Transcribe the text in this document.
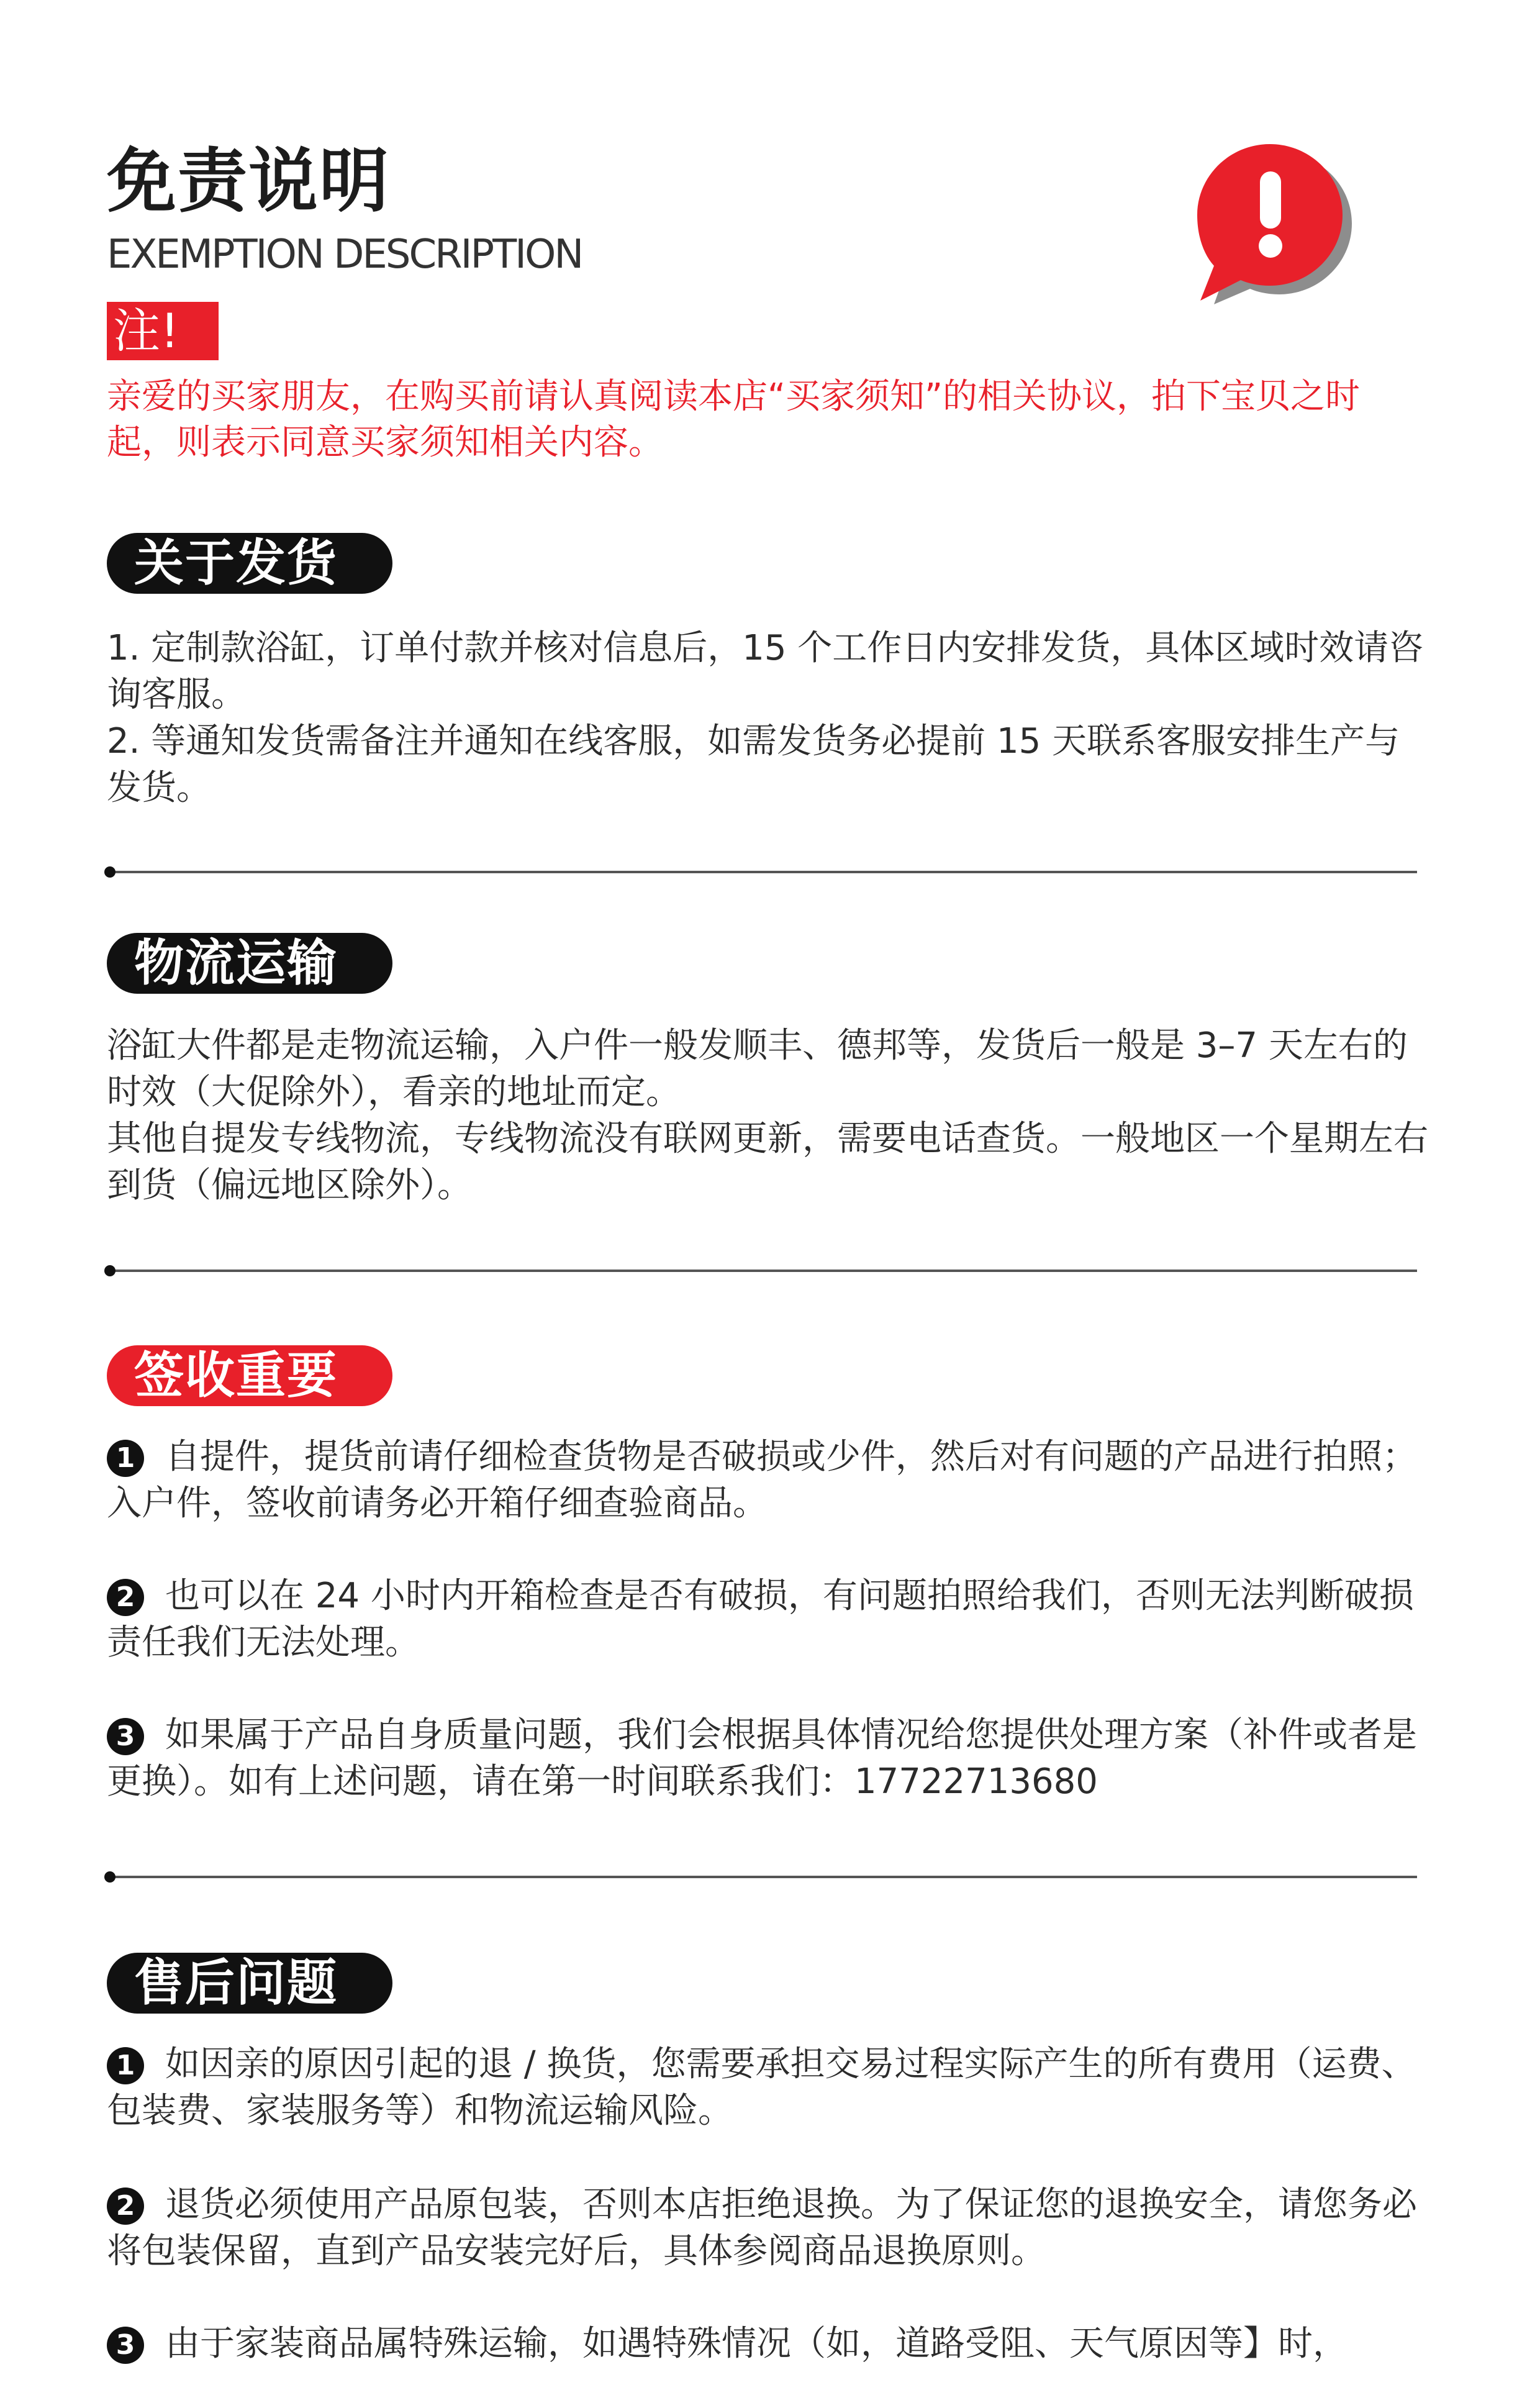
免责说明
EXEMPTION DESCRIPTION
注!
亲爱的买家朋友，在购买前请认真阅读本店“买家须知”的相关协议，拍下宝贝之时起，则表示同意买家须知相关内容。
关于发货
1. 定制款浴缸，订单付款并核对信息后，15 个工作日内安排发货，具体区域时效请咨询客服。
2. 等通知发货需备注并通知在线客服，如需发货务必提前 15 天联系客服安排生产与发货。
物流运输
浴缸大件都是走物流运输，入户件一般发顺丰、德邦等，发货后一般是 3–7 天左右的时效（大促除外），看亲的地址而定。
其他自提发专线物流，专线物流没有联网更新，需要电话查货。一般地区一个星期左右到货（偏远地区除外）。
签收重要
1 自提件，提货前请仔细检查货物是否破损或少件，然后对有问题的产品进行拍照；入户件，签收前请务必开箱仔细查验商品。
2 也可以在 24 小时内开箱检查是否有破损，有问题拍照给我们，否则无法判断破损责任我们无法处理。
3 如果属于产品自身质量问题，我们会根据具体情况给您提供处理方案（补件或者是更换）。如有上述问题，请在第一时间联系我们：17722713680
售后问题
1 如因亲的原因引起的退 / 换货，您需要承担交易过程实际产生的所有费用（运费、包装费、家装服务等）和物流运输风险。
2 退货必须使用产品原包装，否则本店拒绝退换。为了保证您的退换安全，请您务必将包装保留，直到产品安装完好后，具体参阅商品退换原则。
3 由于家装商品属特殊运输，如遇特殊情况（如，道路受阻、天气原因等】时，
